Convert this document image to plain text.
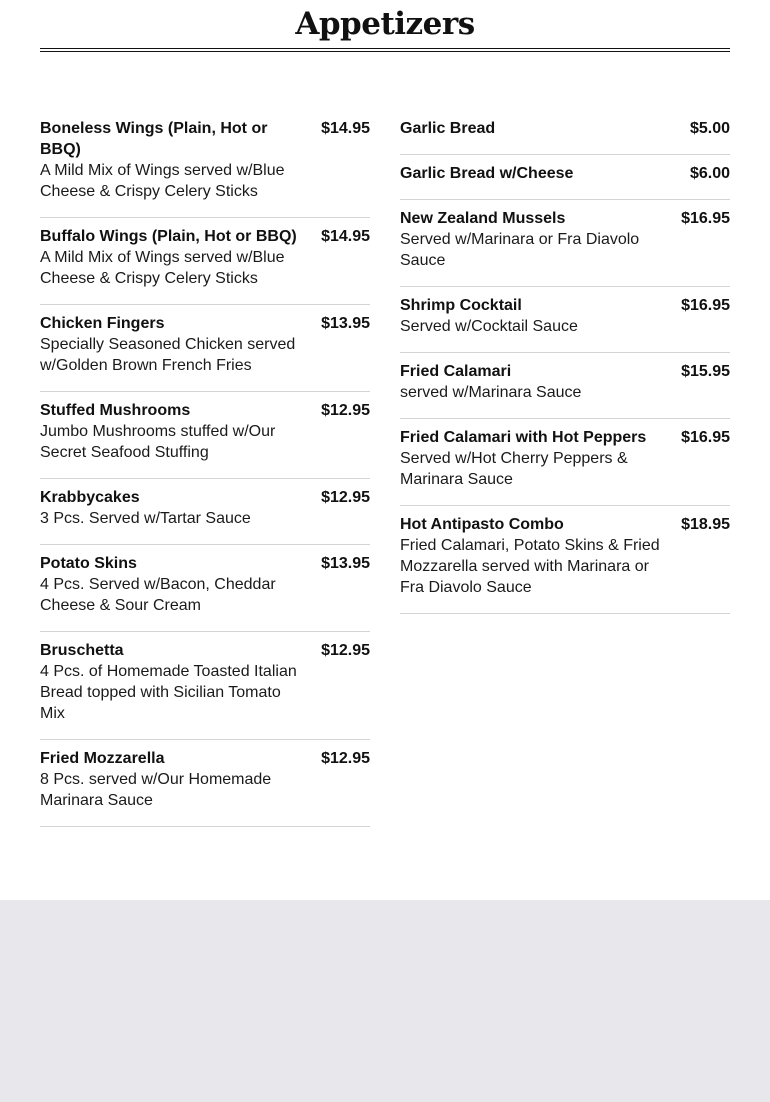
Appetizers
Boneless Wings (Plain, Hot or BBQ)
A Mild Mix of Wings served w/Blue Cheese & Crispy Celery Sticks
$14.95
Buffalo Wings (Plain, Hot or BBQ)
A Mild Mix of Wings served w/Blue Cheese & Crispy Celery Sticks
$14.95
Chicken Fingers
Specially Seasoned Chicken served w/Golden Brown French Fries
$13.95
Stuffed Mushrooms
Jumbo Mushrooms stuffed w/Our Secret Seafood Stuffing
$12.95
Krabbycakes
3 Pcs. Served w/Tartar Sauce
$12.95
Potato Skins
4 Pcs. Served w/Bacon, Cheddar Cheese & Sour Cream
$13.95
Bruschetta
4 Pcs. of Homemade Toasted Italian Bread topped with Sicilian Tomato Mix
$12.95
Fried Mozzarella
8 Pcs. served w/Our Homemade Marinara Sauce
$12.95
Garlic Bread	$5.00
Garlic Bread w/Cheese	$6.00
New Zealand Mussels
Served w/Marinara or Fra Diavolo Sauce
$16.95
Shrimp Cocktail
Served w/Cocktail Sauce
$16.95
Fried Calamari
served w/Marinara Sauce
$15.95
Fried Calamari with Hot Peppers
Served w/Hot Cherry Peppers & Marinara Sauce
$16.95
Hot Antipasto Combo
Fried Calamari, Potato Skins & Fried Mozzarella served with Marinara or Fra Diavolo Sauce
$18.95
